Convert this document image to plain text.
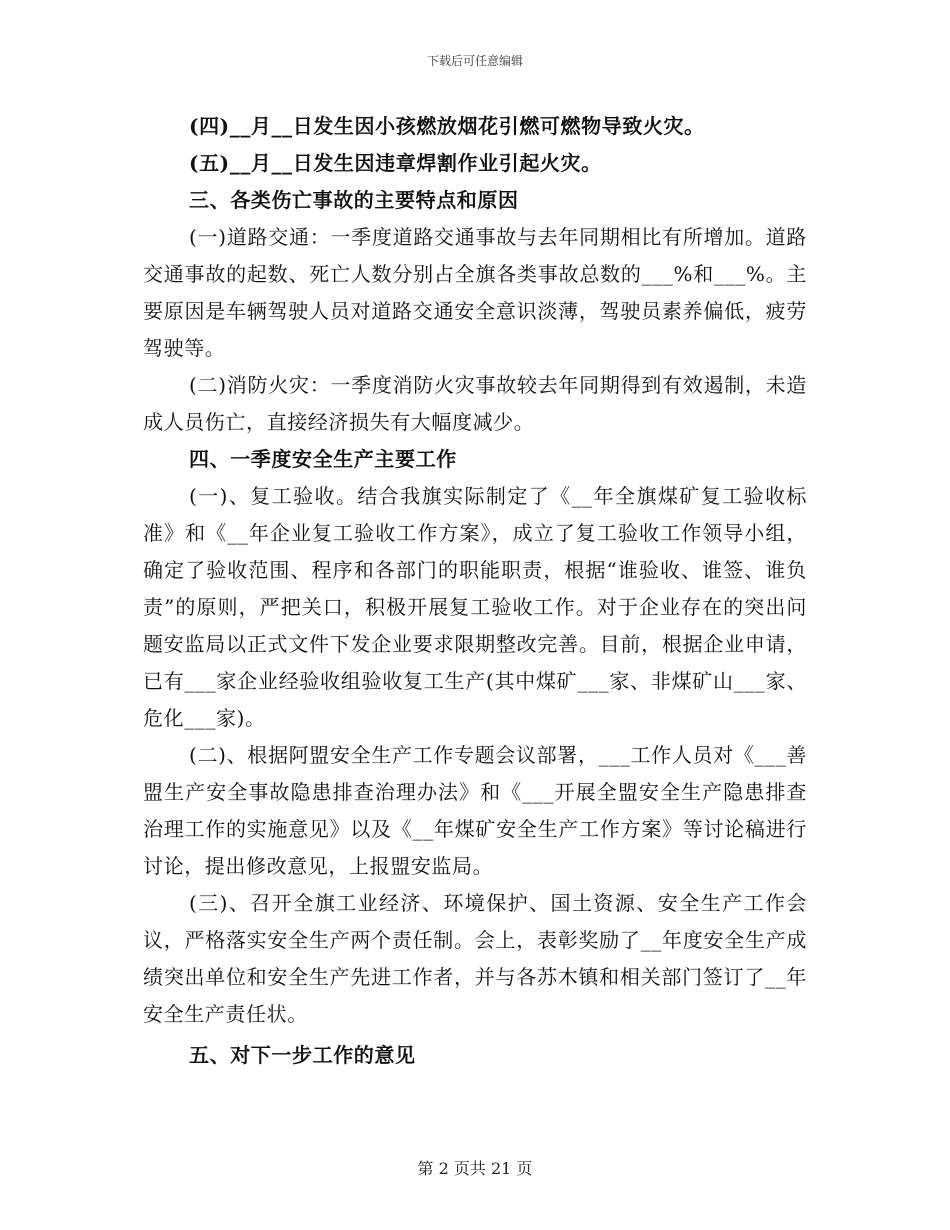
下载后可任意编辑

(四)__月__日发生因小孩燃放烟花引燃可燃物导致火灾。

(五)__月__日发生因违章焊割作业引起火灾。

三、各类伤亡事故的主要特点和原因

(一)道路交通：一季度道路交通事故与去年同期相比有所增加。道路交通事故的起数、死亡人数分别占全旗各类事故总数的___%和___%。主要原因是车辆驾驶人员对道路交通安全意识淡薄，驾驶员素养偏低，疲劳驾驶等。

(二)消防火灾：一季度消防火灾事故较去年同期得到有效遏制，未造成人员伤亡，直接经济损失有大幅度减少。

四、一季度安全生产主要工作

(一)、复工验收。结合我旗实际制定了《__年全旗煤矿复工验收标准》和《__年企业复工验收工作方案》，成立了复工验收工作领导小组，确定了验收范围、程序和各部门的职能职责，根据“谁验收、谁签、谁负责”的原则，严把关口，积极开展复工验收工作。对于企业存在的突出问题安监局以正式文件下发企业要求限期整改完善。目前，根据企业申请，已有___家企业经验收组验收复工生产(其中煤矿___家、非煤矿山___家、危化___家)。

(二)、根据阿盟安全生产工作专题会议部署，___工作人员对《___善盟生产安全事故隐患排查治理办法》和《___开展全盟安全生产隐患排查治理工作的实施意见》以及《__年煤矿安全生产工作方案》等讨论稿进行讨论，提出修改意见，上报盟安监局。

(三)、召开全旗工业经济、环境保护、国土资源、安全生产工作会议，严格落实安全生产两个责任制。会上，表彰奖励了__年度安全生产成绩突出单位和安全生产先进工作者，并与各苏木镇和相关部门签订了__年安全生产责任状。

五、对下一步工作的意见

第 2 页共 21 页
